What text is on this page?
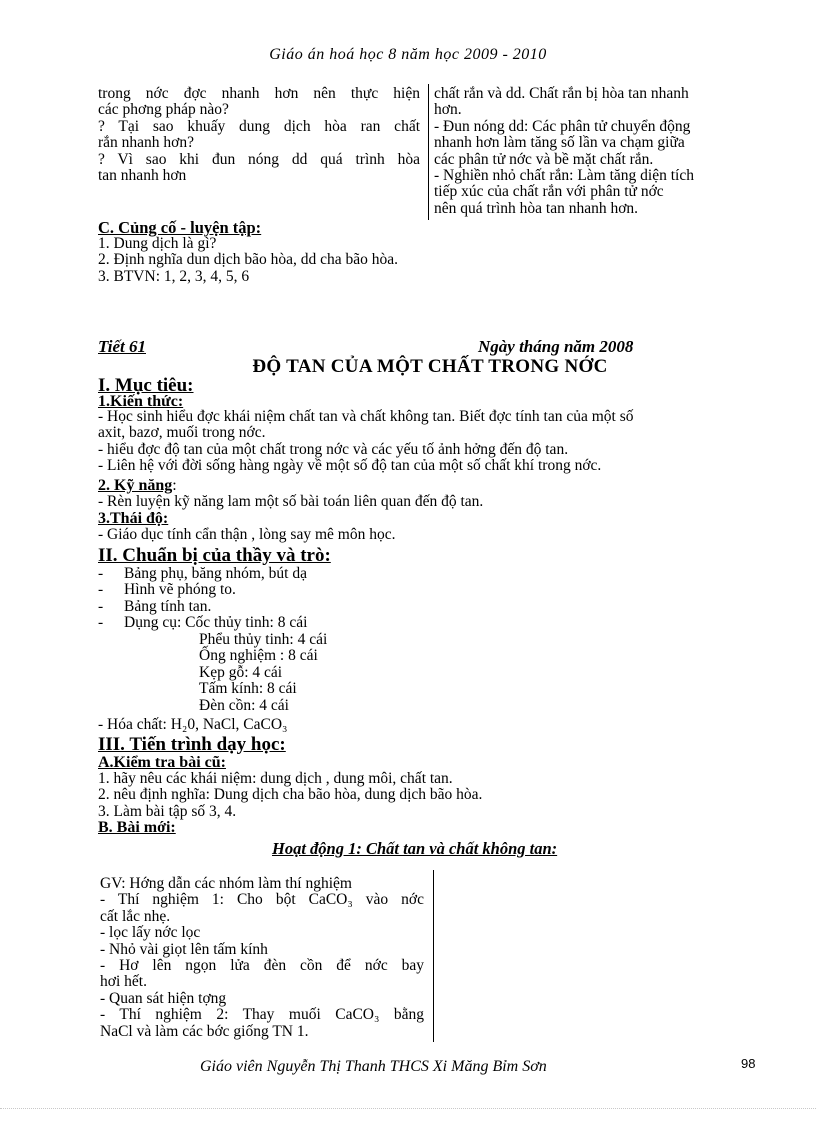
Giáo án hoá học 8 năm học 2009 - 2010
trong nớc đợc nhanh hơn nên thực hiện
các phơng pháp nào?
? Tại sao khuấy dung dịch hòa ran chất
rắn nhanh hơn?
? Vì sao khi đun nóng dd quá trình hòa
tan nhanh hơn
chất rắn và dd. Chất rắn bị hòa tan nhanh
hơn.
- Đun nóng dd: Các phân tử chuyển động
nhanh hơn làm tăng số lần va chạm giữa
các phân tử nớc và bề mặt chất rắn.
- Nghiền nhỏ chất rắn: Làm tăng diện tích
tiếp xúc của chất rắn với phân tử nớc
nên quá trình hòa tan nhanh hơn.
C. Củng cố - luyện tập:
1. Dung dịch là gì?
2. Định nghĩa dun dịch bão hòa, dd cha bão hòa.
3. BTVN: 1, 2, 3, 4, 5, 6
Tiết 61	Ngày tháng năm 2008
ĐỘ TAN CỦA MỘT CHẤT TRONG NỚC
I. Mục tiêu:
1.Kiến thức:
- Học sinh hiểu đợc khái niệm chất tan và chất không tan. Biết đợc tính tan của một số
axit, bazơ, muối trong nớc.
- hiểu đợc độ tan của một chất trong nớc và các yếu tố ảnh hởng đến độ tan.
- Liên hệ với đời sống hàng ngày về một số độ tan của một số chất khí trong nớc.
2. Kỹ năng:
- Rèn luyện kỹ năng lam một số bài toán liên quan đến độ tan.
3.Thái độ:
- Giáo dục tính cẩn thận , lòng say mê môn học.
II. Chuẩn bị của thầy và trò:
- Bảng phụ, băng nhóm, bút dạ
- Hình vẽ phóng to.
- Bảng tính tan.
- Dụng cụ: Cốc thủy tinh: 8 cái
Phểu thủy tinh: 4 cái
Ống nghiệm : 8 cái
Kẹp gỗ: 4 cái
Tấm kính: 8 cái
Đèn cồn: 4 cái
- Hóa chất: H₂0, NaCl, CaCO₃
III. Tiến trình dạy học:
A.Kiểm tra bài cũ:
1. hãy nêu các khái niệm: dung dịch , dung môi, chất tan.
2. nêu định nghĩa: Dung dịch cha bão hòa, dung dịch bão hòa.
3. Làm bài tập số 3, 4.
B. Bài mới:
Hoạt động 1: Chất tan và chất không tan:
GV: Hớng dẫn các nhóm làm thí nghiệm
- Thí nghiệm 1: Cho bột CaCO₃ vào nớc
cất lắc nhẹ.
- lọc lấy nớc lọc
- Nhỏ vài giọt lên tấm kính
- Hơ lên ngọn lửa đèn cồn để nớc bay
hơi hết.
- Quan sát hiện tợng
- Thí nghiệm 2: Thay muối CaCO₃ bằng
NaCl và làm các bớc giống TN 1.
Giáo viên Nguyễn Thị Thanh THCS Xi Măng Bỉm Sơn	98
